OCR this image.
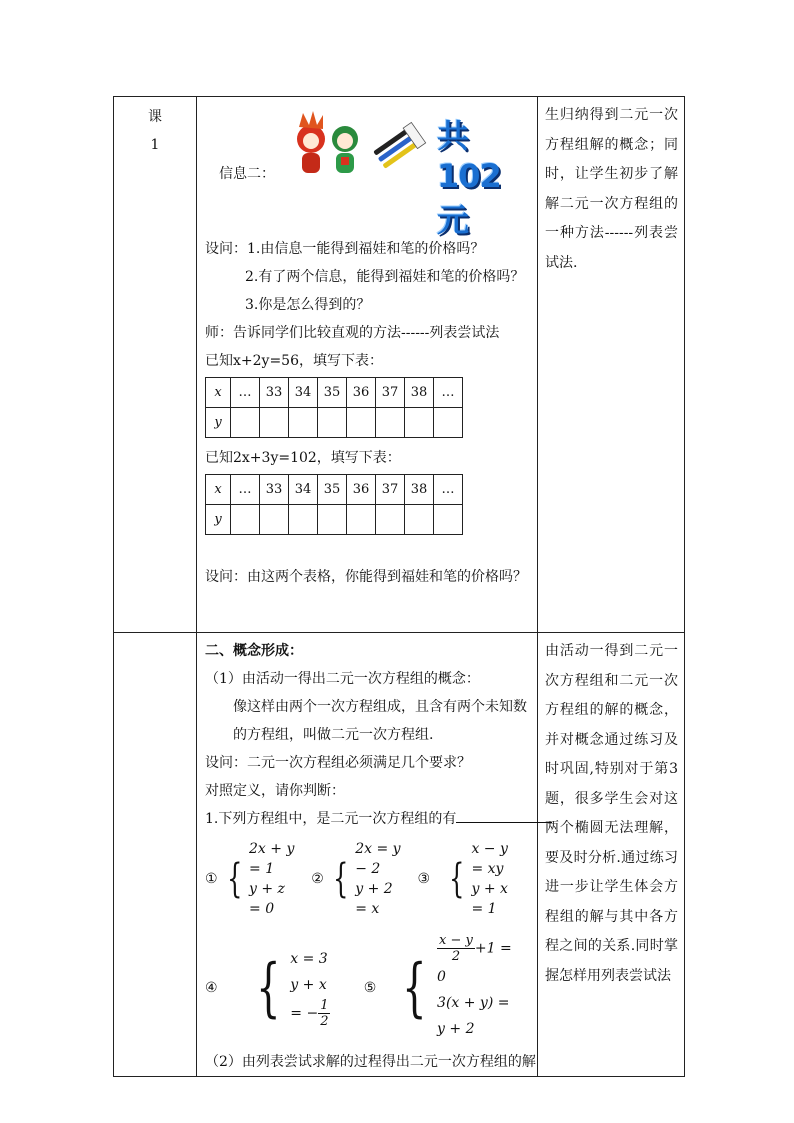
课
1

信息二：
共102元
设问：1.由信息一能得到福娃和笔的价格吗？
2.有了两个信息，能得到福娃和笔的价格吗？
3.你是怎么得到的？
师：告诉同学们比较直观的方法------列表尝试法
已知x+2y=56，填写下表：
x	…	33	34	35	36	37	38	…
y								
已知2x+3y=102，填写下表：
x	…	33	34	35	36	37	38	…
y								
设问：由这两个表格，你能得到福娃和笔的价格吗？

生归纳得到二元一次方程组解的概念；同时，让学生初步了解解二元一次方程组的一种方法------列表尝试法.

二、概念形成：
（1）由活动一得出二元一次方程组的概念：
像这样由两个一次方程组成，且含有两个未知数的方程组，叫做二元一次方程组.
设问：二元一次方程组必须满足几个要求？
对照定义，请你判断：
1.下列方程组中，是二元一次方程组的有
① {
2x + y = 1
y + z = 0
② {
2x = y − 2
y + 2 = x
③ {
x − y = xy
y + x = 1
④ { x = 3
y + x = − $\frac{1}{2}$
⑤ {
$\frac{x - y}{2} +1 = 0$
3(x + y) = y + 2
（2）由列表尝试求解的过程得出二元一次方程组的解

由活动一得到二元一次方程组和二元一次方程组的解的概念，并对概念通过练习及时巩固,特别对于第3题，很多学生会对这两个椭圆无法理解，要及时分析.通过练习进一步让学生体会方程组的解与其中各方程之间的关系.同时掌握怎样用列表尝试法
